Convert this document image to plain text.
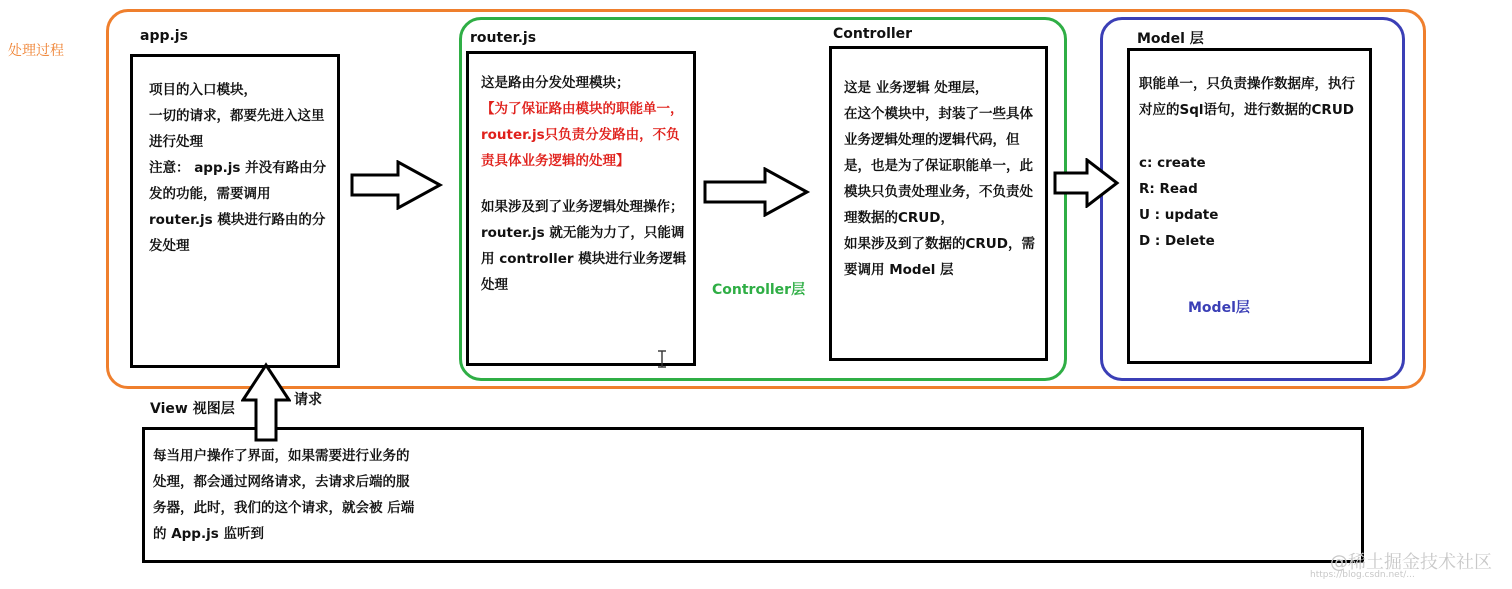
处理过程
app.js

项目的入口模块，

一切的请求，都要先进入这里

进行处理

注意： app.js 并没有路由分

发的功能，需要调用

router.js 模块进行路由的分

发处理

router.js

这是路由分发处理模块；

【为了保证路由模块的职能单一，

router.js只负责分发路由，不负

责具体业务逻辑的处理】

如果涉及到了业务逻辑处理操作；

router.js 就无能为力了，只能调

用 controller 模块进行业务逻辑

处理	Controller层
Controller

这是 业务逻辑 处理层，

在这个模块中，封装了一些具体

业务逻辑处理的逻辑代码，但

是，也是为了保证职能单一，此

模块只负责处理业务，不负责处

理数据的CRUD，

如果涉及到了数据的CRUD，需

要调用 Model 层

Model 层

职能单一，只负责操作数据库，执行

对应的Sql语句，进行数据的CRUD

c: create

R: Read

U : update

D : Delete

Model层
View 视图层
请求

每当用户操作了界面，如果需要进行业务的

处理，都会通过网络请求，去请求后端的服

务器，此时，我们的这个请求，就会被 后端

的 App.js 监听到

@稀土掘金技术社区
https://blog.csdn.net/...
